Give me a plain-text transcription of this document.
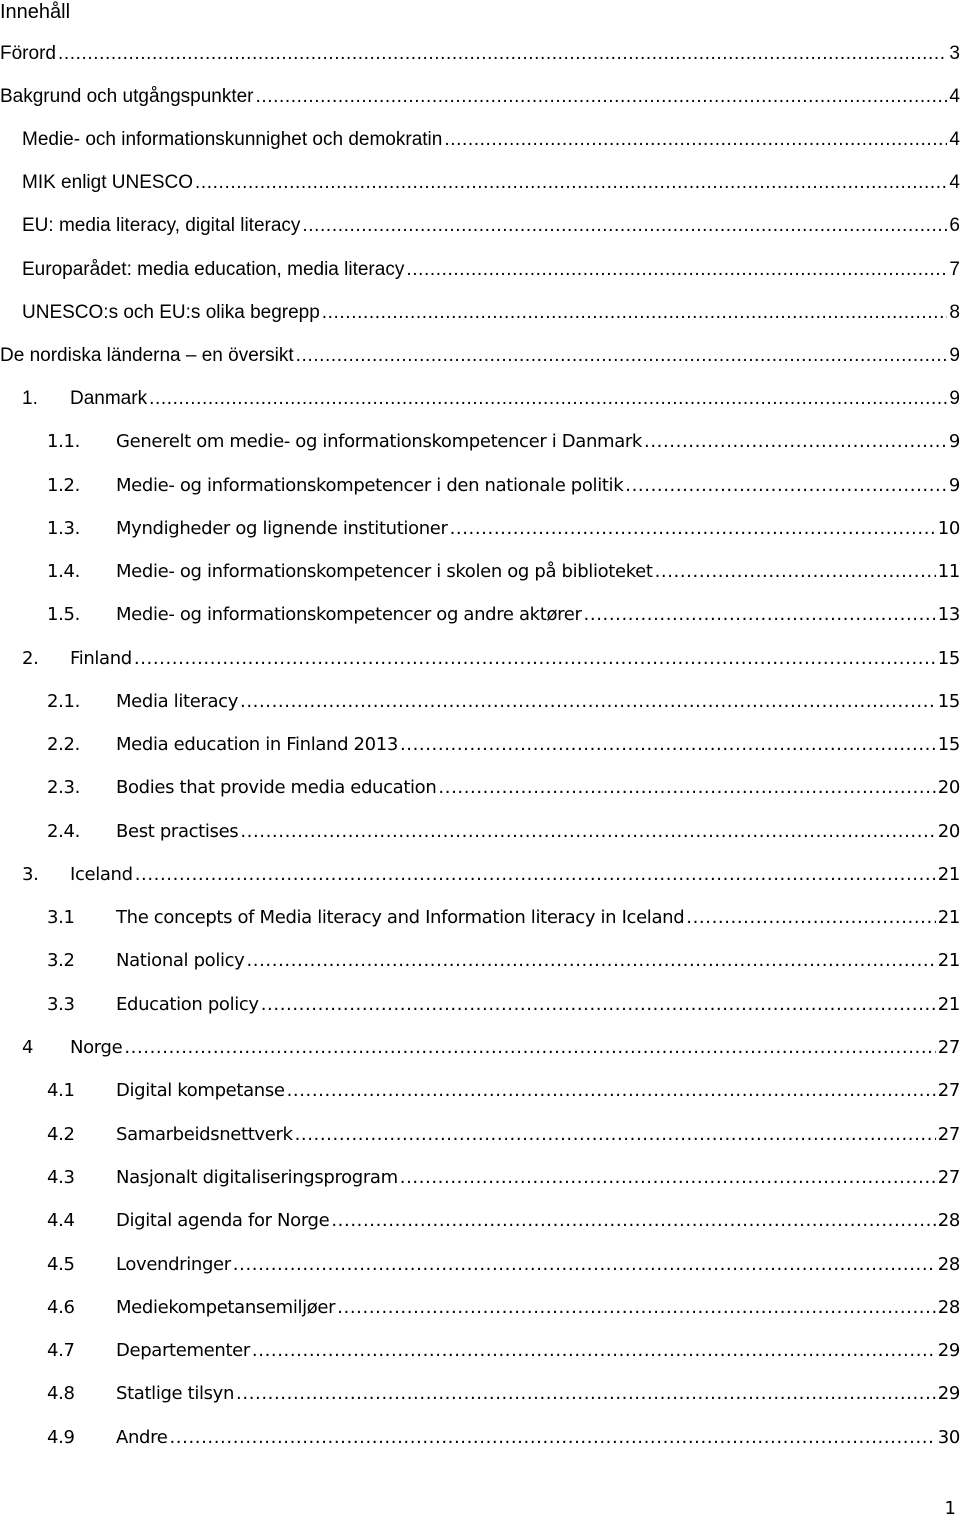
Innehåll
Förord .....	3
Bakgrund och utgångspunkter .....	4
Medie- och informationskunnighet och demokratin .....	4
MIK enligt UNESCO .....	4
EU: media literacy, digital literacy .....	6
Europarådet: media education, media literacy .....	7
UNESCO:s och EU:s olika begrepp .....	8
De nordiska länderna – en översikt .....	9
1.	Danmark .....	9
1.1.	Generelt om medie- og informationskompetencer i Danmark .....	9
1.2.	Medie- og informationskompetencer i den nationale politik .....	9
1.3.	Myndigheder og lignende institutioner .....	10
1.4.	Medie- og informationskompetencer i skolen og på biblioteket .....	11
1.5.	Medie- og informationskompetencer og andre aktører .....	13
2.	Finland .....	15
2.1.	Media literacy .....	15
2.2.	Media education in Finland 2013 .....	15
2.3.	Bodies that provide media education .....	20
2.4.	Best practises .....	20
3.	Iceland .....	21
3.1	The concepts of Media literacy and Information literacy in Iceland .....	21
3.2	National policy .....	21
3.3	Education policy .....	21
4	Norge .....	27
4.1	Digital kompetanse .....	27
4.2	Samarbeidsnettverk .....	27
4.3	Nasjonalt digitaliseringsprogram .....	27
4.4	Digital agenda for Norge .....	28
4.5	Lovendringer .....	28
4.6	Mediekompetansemiljøer .....	28
4.7	Departementer .....	29
4.8	Statlige tilsyn .....	29
4.9	Andre .....	30
1
